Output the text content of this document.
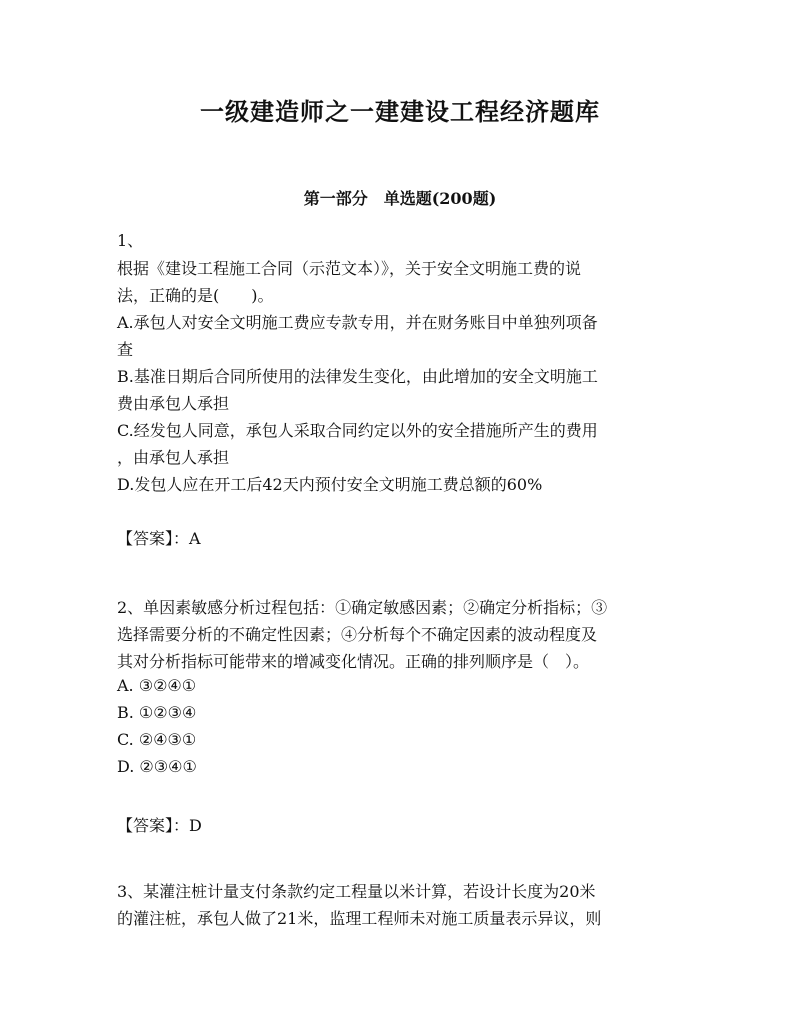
一级建造师之一建建设工程经济题库
第一部分　单选题(200题)

1、

根据《建设工程施工合同（示范文本）》，关于安全文明施工费的说

法，正确的是(　　)。

A.承包人对安全文明施工费应专款专用，并在财务账目中单独列项备

查

B.基准日期后合同所使用的法律发生变化，由此增加的安全文明施工

费由承包人承担

C.经发包人同意，承包人采取合同约定以外的安全措施所产生的费用

，由承包人承担

D.发包人应在开工后42天内预付安全文明施工费总额的60%

【答案】：A

2、单因素敏感分析过程包括：①确定敏感因素；②确定分析指标；③

选择需要分析的不确定性因素；④分析每个不确定因素的波动程度及

其对分析指标可能带来的增减变化情况。正确的排列顺序是（　）。

A. ③②④①

B. ①②③④

C. ②④③①

D. ②③④①

【答案】：D

3、某灌注桩计量支付条款约定工程量以米计算，若设计长度为20米

的灌注桩，承包人做了21米，监理工程师未对施工质量表示异议，则
